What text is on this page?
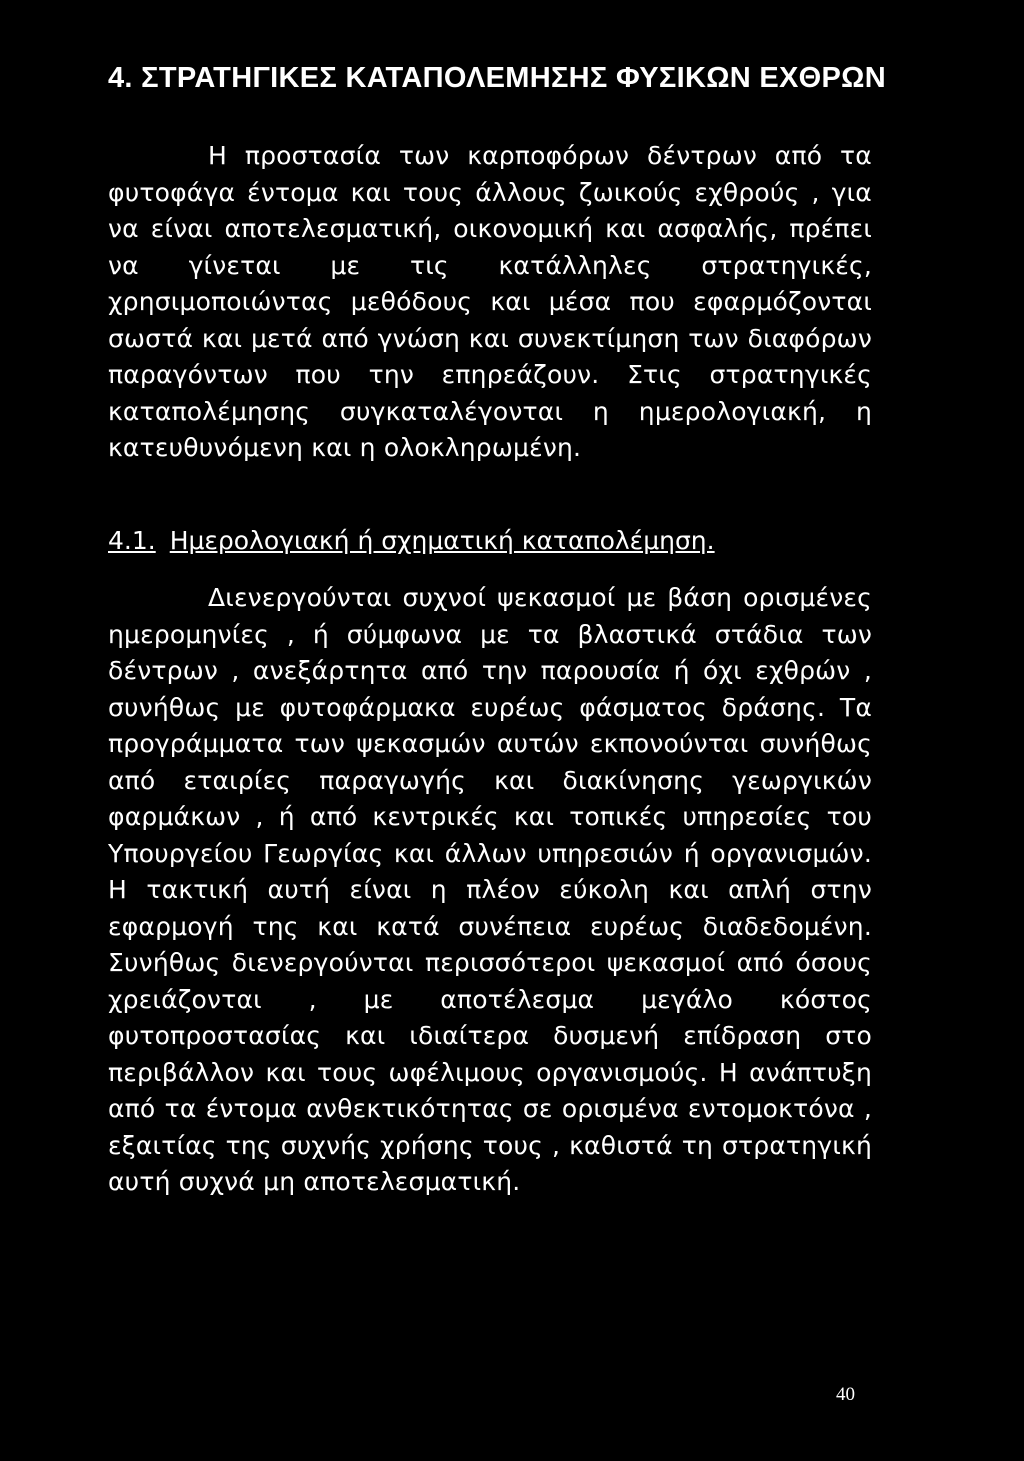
4. ΣΤΡΑΤΗΓΙΚΕΣ ΚΑΤΑΠΟΛΕΜΗΣΗΣ ΦΥΣΙΚΩΝ ΕΧΘΡΩΝ

Η προστασία των καρποφόρων δέντρων από τα φυτοφάγα έντομα και τους άλλους ζωικούς εχθρούς , για να είναι αποτελεσματική, οικονομική και ασφαλής, πρέπει να γίνεται με τις κατάλληλες στρατηγικές, χρησιμοποιώντας μεθόδους και μέσα που εφαρμόζονται σωστά και μετά από γνώση και συνεκτίμηση των διαφόρων παραγόντων που την επηρεάζουν. Στις στρατηγικές καταπολέμησης συγκαταλέγονται η ημερολογιακή, η κατευθυνόμενη και η ολοκληρωμένη.

4.1. Ημερολογιακή ή σχηματική καταπολέμηση.

Διενεργούνται συχνοί ψεκασμοί με βάση ορισμένες ημερομηνίες , ή σύμφωνα με τα βλαστικά στάδια των δέντρων , ανεξάρτητα από την παρουσία ή όχι εχθρών , συνήθως με φυτοφάρμακα ευρέως φάσματος δράσης. Τα προγράμματα των ψεκασμών αυτών εκπονούνται συνήθως από εταιρίες παραγωγής και διακίνησης γεωργικών φαρμάκων , ή από κεντρικές και τοπικές υπηρεσίες του Υπουργείου Γεωργίας και άλλων υπηρεσιών ή οργανισμών. Η τακτική αυτή είναι η πλέον εύκολη και απλή στην εφαρμογή της και κατά συνέπεια ευρέως διαδεδομένη. Συνήθως διενεργούνται περισσότεροι ψεκασμοί από όσους χρειάζονται , με αποτέλεσμα μεγάλο κόστος φυτοπροστασίας και ιδιαίτερα δυσμενή επίδραση στο περιβάλλον και τους ωφέλιμους οργανισμούς. Η ανάπτυξη από τα έντομα ανθεκτικότητας σε ορισμένα εντομοκτόνα , εξαιτίας της συχνής χρήσης τους , καθιστά τη στρατηγική αυτή συχνά μη αποτελεσματική.

40
